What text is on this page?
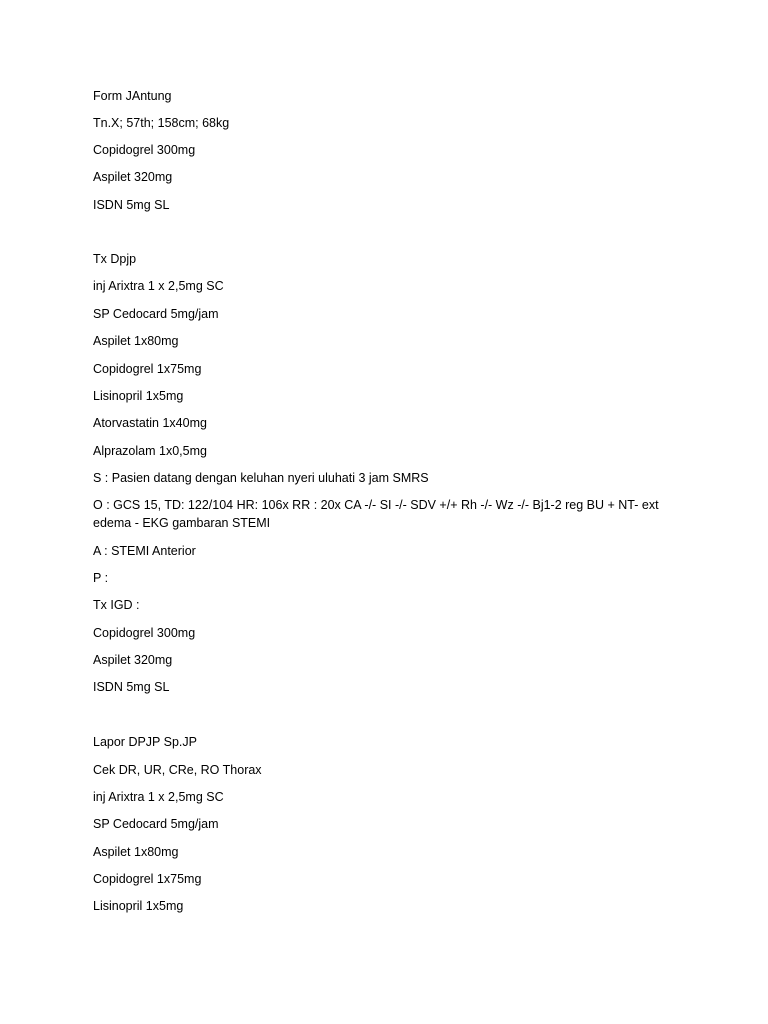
Form JAntung
Tn.X; 57th; 158cm; 68kg
Copidogrel 300mg
Aspilet 320mg
ISDN 5mg SL
Tx Dpjp
inj Arixtra 1 x 2,5mg SC
SP Cedocard 5mg/jam
Aspilet 1x80mg
Copidogrel 1x75mg
Lisinopril 1x5mg
Atorvastatin 1x40mg
Alprazolam 1x0,5mg
S : Pasien datang dengan keluhan nyeri uluhati 3 jam SMRS
O : GCS 15, TD: 122/104 HR: 106x RR : 20x CA -/- SI -/- SDV +/+ Rh -/- Wz -/- Bj1-2 reg BU + NT- ext edema - EKG gambaran STEMI
A : STEMI Anterior
P :
Tx IGD :
Copidogrel 300mg
Aspilet 320mg
ISDN 5mg SL
Lapor DPJP Sp.JP
Cek DR, UR, CRe, RO Thorax
inj Arixtra 1 x 2,5mg SC
SP Cedocard 5mg/jam
Aspilet 1x80mg
Copidogrel 1x75mg
Lisinopril 1x5mg
